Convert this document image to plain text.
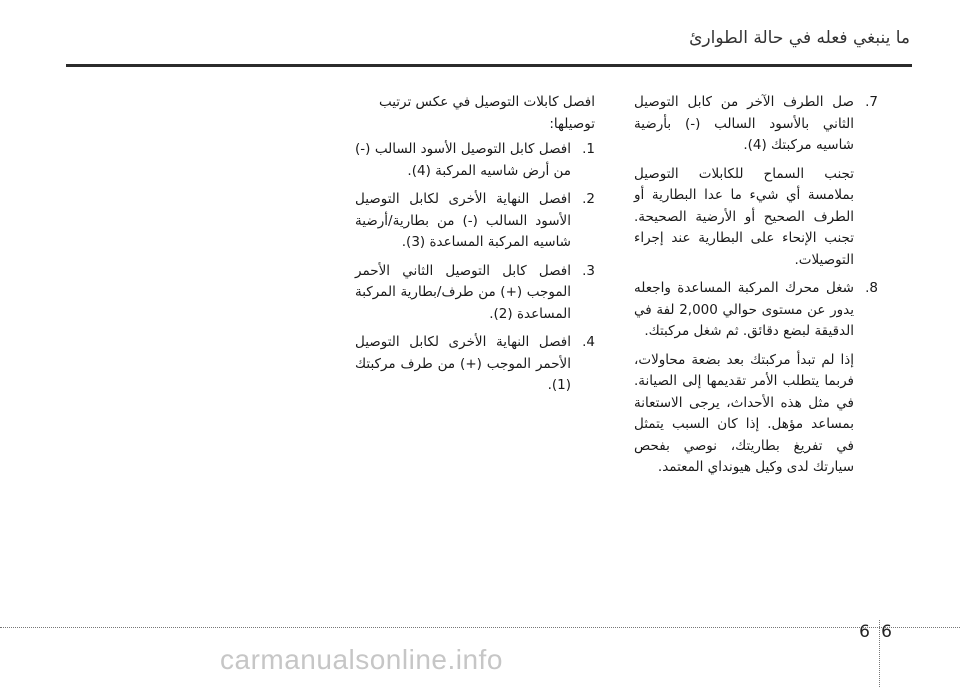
ما ينبغي فعله في حالة الطوارئ
7.
صل الطرف الآخر من كابل التوصيل الثاني بالأسود السالب (-) بأرضية شاسيه مركبتك (4).
تجنب السماح للكابلات التوصيل بملامسة أي شيء ما عدا البطارية أو الطرف الصحيح أو الأرضية الصحيحة. تجنب الإنحاء على البطارية عند إجراء التوصيلات.
8.
شغل محرك المركبة المساعدة واجعله يدور عن مستوى حوالي 2,000 لفة في الدقيقة لبضع دقائق. ثم شغل مركبتك.
إذا لم تبدأ مركبتك بعد بضعة محاولات، فربما يتطلب الأمر تقديمها إلى الصيانة. في مثل هذه الأحداث، يرجى الاستعانة بمساعد مؤهل. إذا كان السبب يتمثل في تفريغ بطاريتك، نوصي بفحص سيارتك لدى وكيل هيونداي المعتمد.

افصل كابلات التوصيل في عكس ترتيب توصيلها:

1.
افصل كابل التوصيل الأسود السالب (-) من أرض شاسيه المركبة (4).
2.
افصل النهاية الأخرى لكابل التوصيل الأسود السالب (-) من بطارية/أرضية شاسيه المركبة المساعدة (3).
3.
افصل كابل التوصيل الثاني الأحمر الموجب (+) من طرف/بطارية المركبة المساعدة (2).
4.
افصل النهاية الأخرى لكابل التوصيل الأحمر الموجب (+) من طرف مركبتك (1).
6
6
carmanualsonline.info
